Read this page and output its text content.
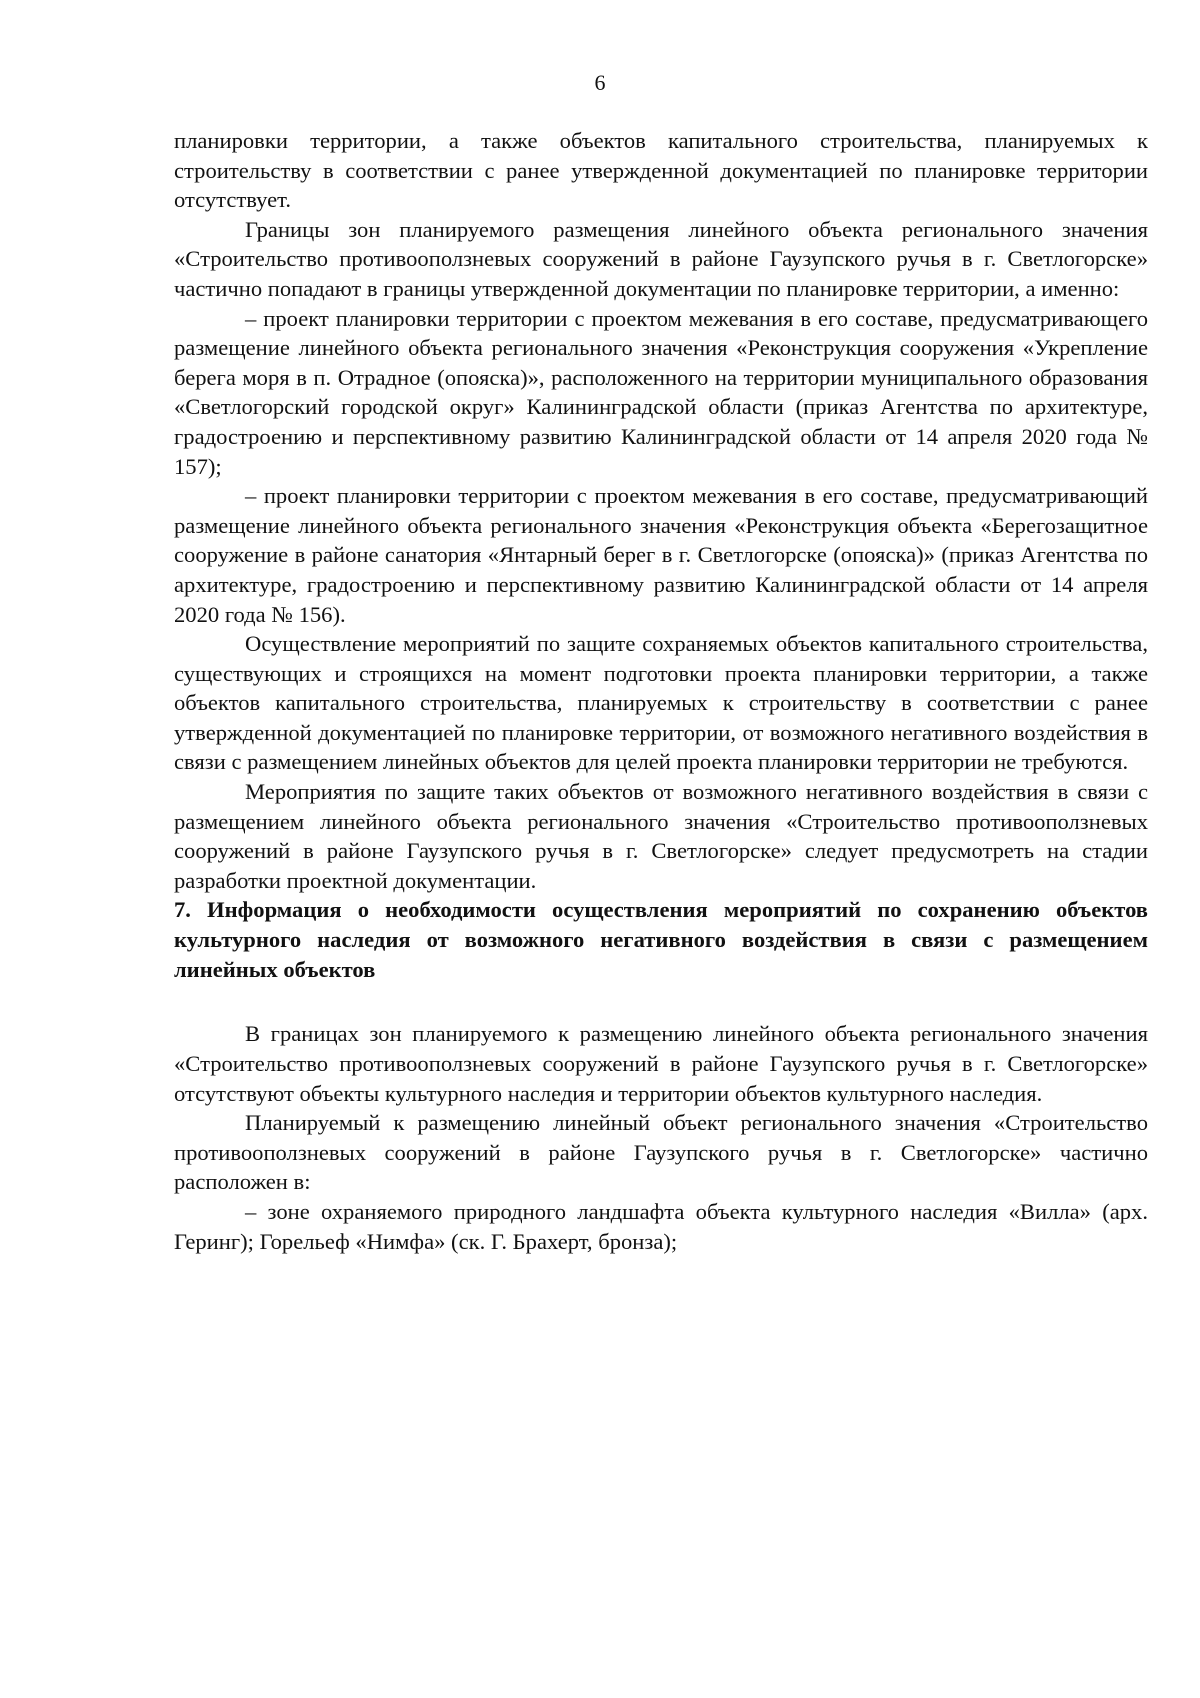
6

планировки территории, а также объектов капитального строительства, планируемых к строительству в соответствии с ранее утвержденной документацией по планировке территории отсутствует.

Границы зон планируемого размещения линейного объекта регионального значения «Строительство противооползневых сооружений в районе Гаузупского ручья в г. Светлогорске» частично попадают в границы утвержденной документации по планировке территории, а именно:

– проект планировки территории с проектом межевания в его составе, предусматривающего размещение линейного объекта регионального значения «Реконструкция сооружения «Укрепление берега моря в п. Отрадное (опояска)», расположенного на территории муниципального образования «Светлогорский городской округ» Калининградской области (приказ Агентства по архитектуре, градостроению и перспективному развитию Калининградской области от 14 апреля 2020 года № 157);

– проект планировки территории с проектом межевания в его составе, предусматривающий размещение линейного объекта регионального значения «Реконструкция объекта «Берегозащитное сооружение в районе санатория «Янтарный берег в г. Светлогорске (опояска)» (приказ Агентства по архитектуре, градостроению и перспективному развитию Калининградской области от 14 апреля 2020 года № 156).

Осуществление мероприятий по защите сохраняемых объектов капитального строительства, существующих и строящихся на момент подготовки проекта планировки территории, а также объектов капитального строительства, планируемых к строительству в соответствии с ранее утвержденной документацией по планировке территории, от возможного негативного воздействия в связи с размещением линейных объектов для целей проекта планировки территории не требуются.

Мероприятия по защите таких объектов от возможного негативного воздействия в связи с размещением линейного объекта регионального значения «Строительство противооползневых сооружений в районе Гаузупского ручья в г. Светлогорске» следует предусмотреть на стадии разработки проектной документации.

7. Информация о необходимости осуществления мероприятий по сохранению объектов культурного наследия от возможного негативного воздействия в связи с размещением линейных объектов

В границах зон планируемого к размещению линейного объекта регионального значения «Строительство противооползневых сооружений в районе Гаузупского ручья в г. Светлогорске» отсутствуют объекты культурного наследия и территории объектов культурного наследия.

Планируемый к размещению линейный объект регионального значения «Строительство противооползневых сооружений в районе Гаузупского ручья в г. Светлогорске» частично расположен в:

– зоне охраняемого природного ландшафта объекта культурного наследия «Вилла» (арх. Геринг); Горельеф «Нимфа» (ск. Г. Брахерт, бронза);
